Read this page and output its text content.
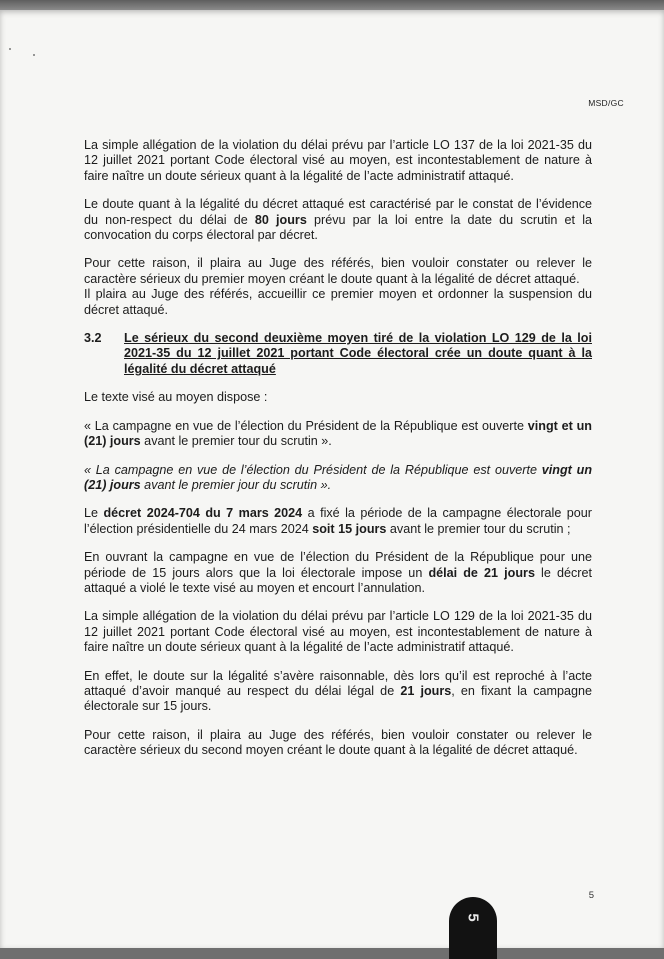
MSD/GC

La simple allégation de la violation du délai prévu par l’article LO 137 de la loi 2021-35 du 12 juillet 2021 portant Code électoral visé au moyen, est incontestablement de nature à faire naître un doute sérieux quant à la légalité de l’acte administratif attaqué.

Le doute quant à la légalité du décret attaqué est caractérisé par le constat de l’évidence du non-respect du délai de 80 jours prévu par la loi entre la date du scrutin et la convocation du corps électoral par décret.

Pour cette raison, il plaira au Juge des référés, bien vouloir constater ou relever le caractère sérieux du premier moyen créant le doute quant à la légalité de décret attaqué.

Il plaira au Juge des référés, accueillir ce premier moyen et ordonner la suspension du décret attaqué.

3.2	Le sérieux du second deuxième moyen tiré de la violation LO 129 de la loi 2021-35 du 12 juillet 2021 portant Code électoral crée un doute quant à la légalité du décret attaqué

Le texte visé au moyen dispose :

« La campagne en vue de l’élection du Président de la République est ouverte vingt et un (21) jours avant le premier tour du scrutin ».

« La campagne en vue de l’élection du Président de la République est ouverte vingt un (21) jours avant le premier jour du scrutin ».

Le décret 2024-704 du 7 mars 2024 a fixé la période de la campagne électorale pour l’élection présidentielle du 24 mars 2024 soit 15 jours avant le premier tour du scrutin ;

En ouvrant la campagne en vue de l’élection du Président de la République pour une période de 15 jours alors que la loi électorale impose un délai de 21 jours le décret attaqué a violé le texte visé au moyen et encourt l’annulation.

La simple allégation de la violation du délai prévu par l’article LO 129 de la loi 2021-35 du 12 juillet 2021 portant Code électoral visé au moyen, est incontestablement de nature à faire naître un doute sérieux quant à la légalité de l’acte administratif attaqué.

En effet, le doute sur la légalité s’avère raisonnable, dès lors qu’il est reproché à l’acte attaqué d’avoir manqué au respect du délai légal de 21 jours, en fixant la campagne électorale sur 15 jours.

Pour cette raison, il plaira au Juge des référés, bien vouloir constater ou relever le caractère sérieux du second moyen créant le doute quant à la légalité de décret attaqué.

5
5
